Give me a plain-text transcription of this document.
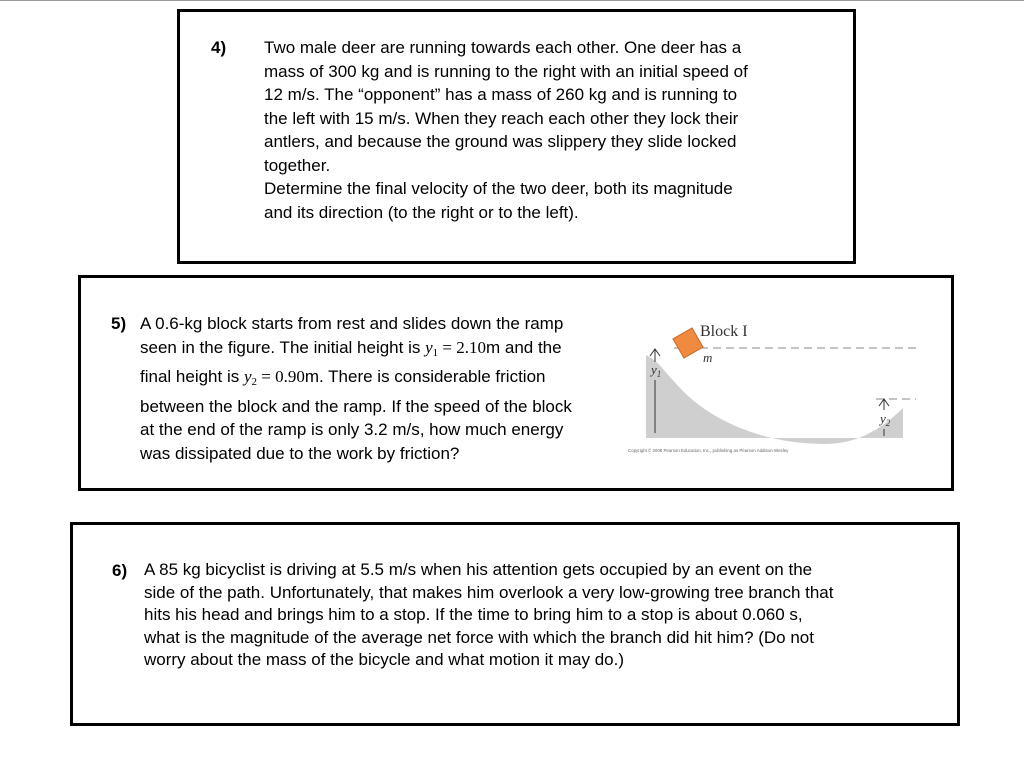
4) Two male deer are running towards each other. One deer has a
mass of 300 kg and is running to the right with an initial speed of
12 m/s. The “opponent” has a mass of 260 kg and is running to
the left with 15 m/s. When they reach each other they lock their
antlers, and because the ground was slippery they slide locked
together.
Determine the final velocity of the two deer, both its magnitude
and its direction (to the right or to the left).
5) A 0.6-kg block starts from rest and slides down the ramp
seen in the figure. The initial height is $y_1 = 2.10m$ and the
final height is $y_2 = 0.90m$. There is considerable friction
between the block and the ramp. If the speed of the block
at the end of the ramp is only 3.2 m/s, how much energy
was dissipated due to the work by friction?
Block I
m
$y_1$
$y_2$
Copyright © 2008 Pearson Education, Inc., publishing as Pearson Addison-Wesley
6) A 85 kg bicyclist is driving at 5.5 m/s when his attention gets occupied by an event on the
side of the path. Unfortunately, that makes him overlook a very low-growing tree branch that
hits his head and brings him to a stop. If the time to bring him to a stop is about 0.060 s,
what is the magnitude of the average net force with which the branch did hit him? (Do not
worry about the mass of the bicycle and what motion it may do.)
